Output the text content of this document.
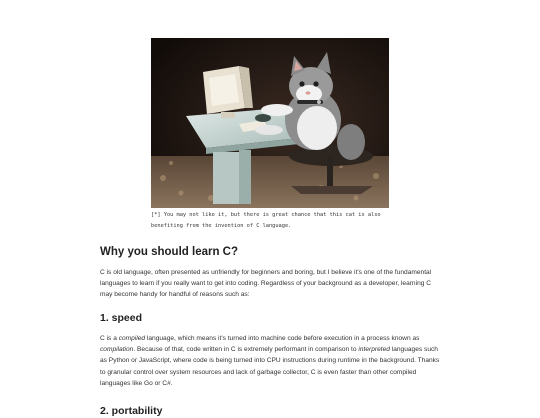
[*] You may not like it, but there is great chance that this cat is also
benefiting from the invention of C language.
Why you should learn C?

C is old language, often presented as unfriendly for beginners and boring, but I believe it's one of the fundamental languages to learn if you really want to get into coding. Regardless of your background as a developer, learning C may become handy for handful of reasons such as:

1. speed

C is a compiled language, which means it's turned into machine code before execution in a process known as compilation. Because of that, code written in C is extremely performant in comparison to interpreted languages such as Python or JavaScript, where code is being turned into CPU instructions during runtime in the background. Thanks to granular control over system resources and lack of garbage collector, C is even faster than other compiled languages like Go or C#.

2. portability
